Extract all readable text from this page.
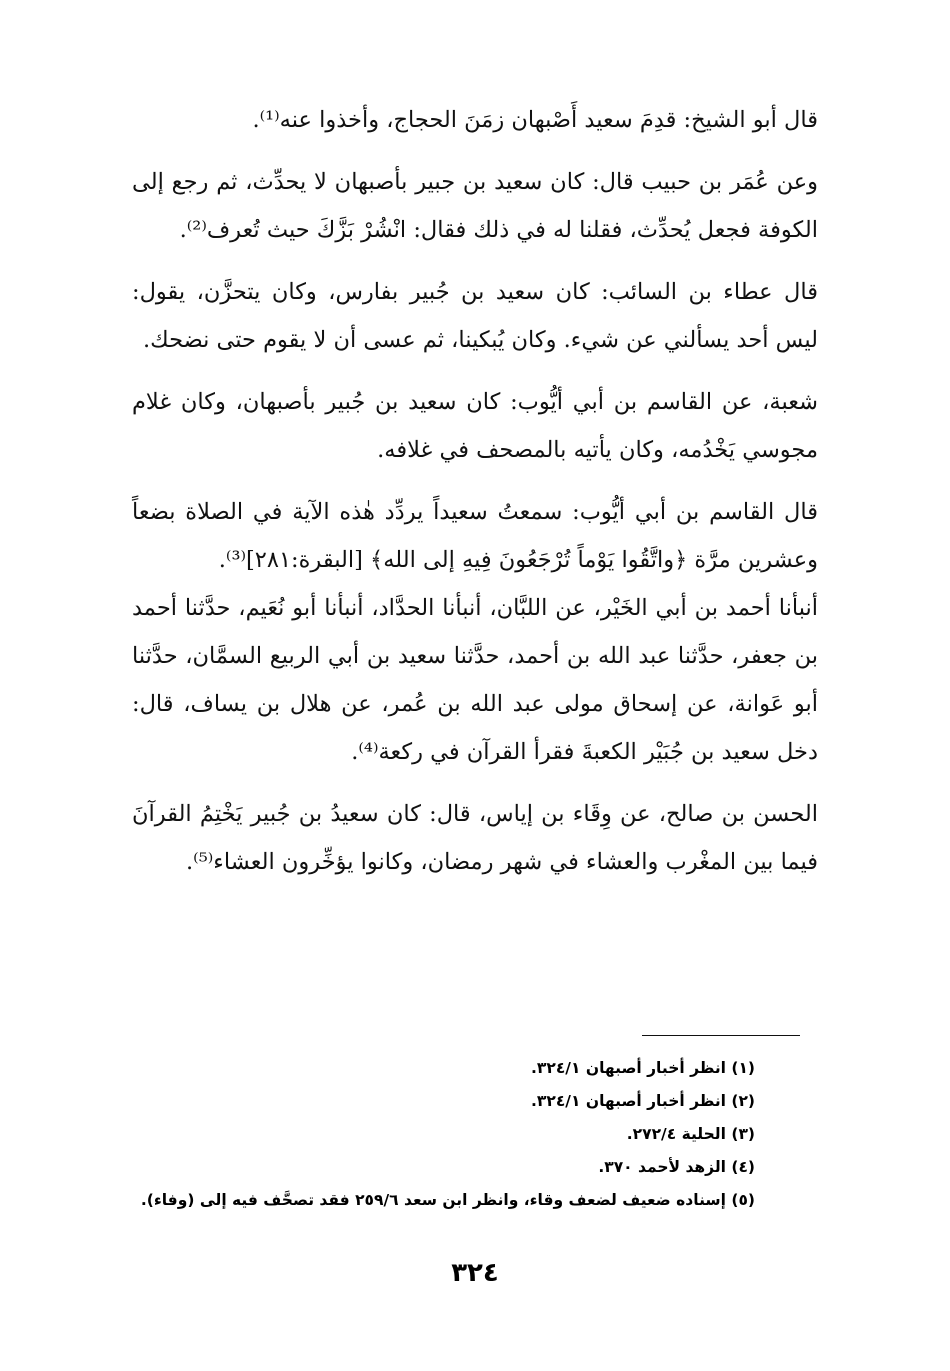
قال أبو الشيخ: قدِمَ سعيد أَصْبهان زمَنَ الحجاج، وأخذوا عنه⁽¹⁾.

وعن عُمَر بن حبيب قال: كان سعيد بن جبير بأصبهان لا يحدِّث، ثم رجع إلى الكوفة فجعل يُحدِّث، فقلنا له في ذلك فقال: انْشُرْ بَزَّكَ حيث تُعرف⁽²⁾.

قال عطاء بن السائب: كان سعيد بن جُبير بفارس، وكان يتحزَّن، يقول: ليس أحد يسألني عن شيء. وكان يُبكينا، ثم عسى أن لا يقوم حتى نضحك.

شعبة، عن القاسم بن أبي أيُّوب: كان سعيد بن جُبير بأصبهان، وكان غلام مجوسي يَخْدُمه، وكان يأتيه بالمصحف في غلافه.

قال القاسم بن أبي أيُّوب: سمعتُ سعيداً يردِّد هٰذه الآية في الصلاة بضعاً وعشرين مرَّة ﴿واتَّقُوا يَوْماً تُرْجَعُونَ فِيهِ إلى الله﴾ [البقرة:٢٨١]⁽³⁾.

أنبأنا أحمد بن أبي الخَيْر، عن اللبَّان، أنبأنا الحدَّاد، أنبأنا أبو نُعَيم، حدَّثنا أحمد بن جعفر، حدَّثنا عبد الله بن أحمد، حدَّثنا سعيد بن أبي الربيع السمَّان، حدَّثنا أبو عَوانة، عن إسحاق مولى عبد الله بن عُمر، عن هلال بن يساف، قال: دخل سعيد بن جُبَيْر الكعبةَ فقرأ القرآن في ركعة⁽⁴⁾.

الحسن بن صالح، عن وِقَاء بن إياس، قال: كان سعيدُ بن جُبير يَخْتِمُ القرآنَ فيما بين المغْرب والعشاء في شهر رمضان، وكانوا يؤخِّرون العشاء⁽⁵⁾.

(١) انظر أخبار أصبهان ٣٢٤/١.
(٢) انظر أخبار أصبهان ٣٢٤/١.
(٣) الحلية ٢٧٢/٤.
(٤) الزهد لأحمد ٣٧٠.
(٥) إسناده ضعيف لضعف وقاء، وانظر ابن سعد ٢٥٩/٦ فقد تصحَّف فيه إلى (وفاء).
٣٢٤
